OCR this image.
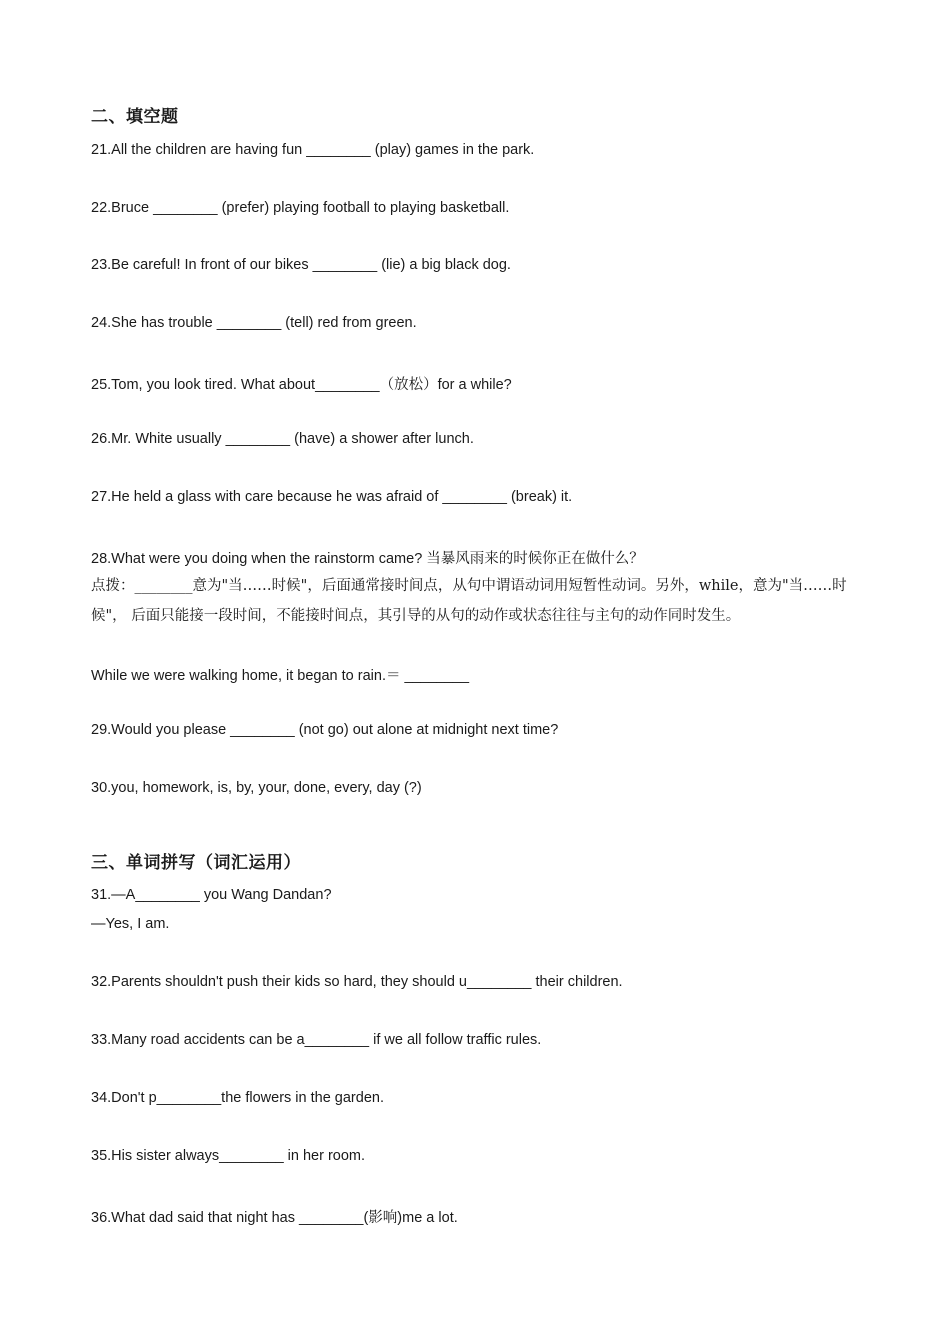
二、填空题
21.All the children are having fun ________ (play) games in the park.
22.Bruce ________ (prefer) playing football to playing basketball.
23.Be careful! In front of our bikes ________ (lie) a big black dog.
24.She has trouble ________ (tell) red from green.
25.Tom, you look tired. What about________（放松）for a while?
26.Mr. White usually ________ (have) a shower after lunch.
27.He held a glass with care because he was afraid of ________ (break) it.
28.What were you doing when the rainstorm came? 当暴风雨来的时候你正在做什么？
点拨：________意为"当……时候"，后面通常接时间点，从句中谓语动词用短暂性动词。另外，while，意为"当……时候"， 后面只能接一段时间，不能接时间点，其引导的从句的动作或状态往往与主句的动作同时发生。
While we were walking home, it began to rain.＝ ________
29.Would you please ________ (not go) out alone at midnight next time?
30.you, homework, is, by, your, done, every, day (?)
三、单词拼写（词汇运用）
31.—A________ you Wang Dandan?
—Yes, I am.
32.Parents shouldn't push their kids so hard, they should u________ their children.
33.Many road accidents can be a________ if we all follow traffic rules.
34.Don't p________the flowers in the garden.
35.His sister always________ in her room.
36.What dad said that night has ________(影响)me a lot.
